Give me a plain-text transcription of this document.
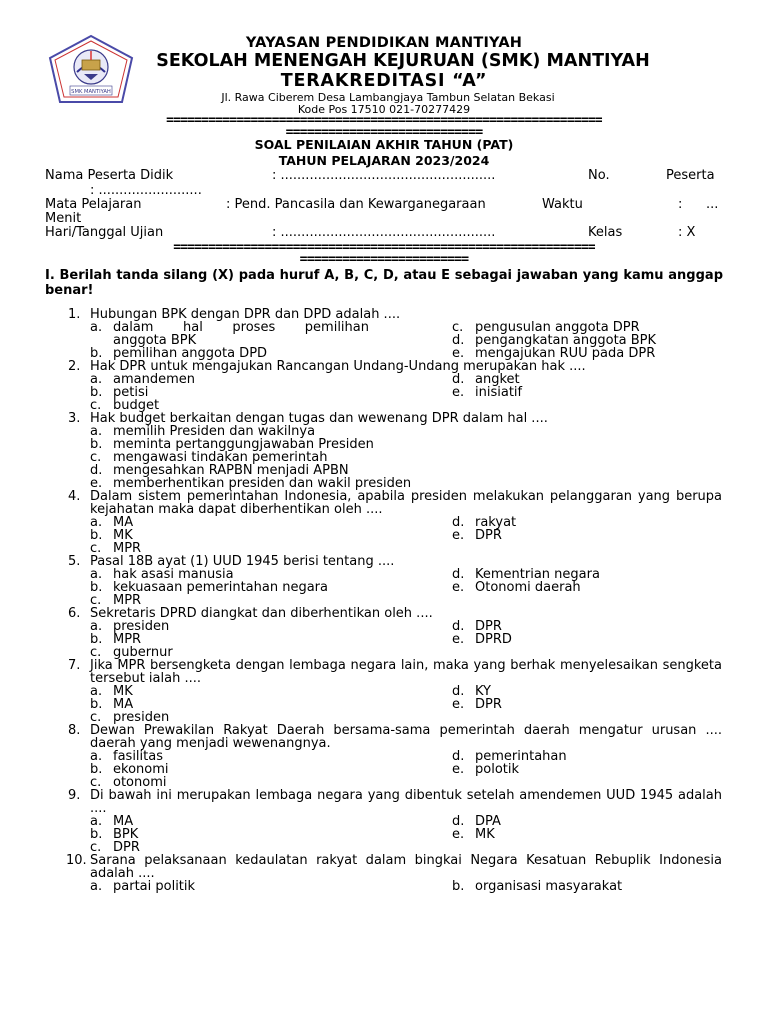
SMK MANTIYAH
YAYASAN PENDIDIKAN MANTIYAH
SEKOLAH MENENGAH KEJURUAN (SMK) MANTIYAH
TERAKREDITASI “A”
Jl. Rawa Ciberem Desa Lambangjaya Tambun Selatan Bekasi
Kode Pos 17510 021-70277429
==============================================================
============================
SOAL PENILAIAN AKHIR TAHUN (PAT)
TAHUN PELAJARAN 2023/2024
Nama Peserta Didik	: ....................................................	No.	Peserta
: .........................
Mata Pelajaran	: Pend. Pancasila dan Kewarganegaraan	Waktu	: ...
Menit
Hari/Tanggal Ujian	: ....................................................	Kelas	: X
============================================================
========================
I. Berilah tanda silang (X) pada huruf A, B, C, D, atau E sebagai jawaban yang kamu anggap benar!
1. Hubungan BPK dengan DPR dan DPD adalah ....
a. dalam hal proses pemilihan
anggota BPK
b. pemilihan anggota DPD
c. pengusulan anggota DPR
d. pengangkatan anggota BPK
e. mengajukan RUU pada DPR
2. Hak DPR untuk mengajukan Rancangan Undang-Undang merupakan hak ....
a. amandemen
b. petisi
c. budget
d. angket
e. inisiatif
3. Hak budget berkaitan dengan tugas dan wewenang DPR dalam hal ....
a. memilih Presiden dan wakilnya
b. meminta pertanggungjawaban Presiden
c. mengawasi tindakan pemerintah
d. mengesahkan RAPBN menjadi APBN
e. memberhentikan presiden dan wakil presiden
4. Dalam sistem pemerintahan Indonesia, apabila presiden melakukan pelanggaran yang berupa kejahatan maka dapat diberhentikan oleh ....
a. MA
b. MK
c. MPR
d. rakyat
e. DPR
5. Pasal 18B ayat (1) UUD 1945 berisi tentang ....
a. hak asasi manusia
b. kekuasaan pemerintahan negara
c. MPR
d. Kementrian negara
e. Otonomi daerah
6. Sekretaris DPRD diangkat dan diberhentikan oleh ....
a. presiden
b. MPR
c. gubernur
d. DPR
e. DPRD
7. Jika MPR bersengketa dengan lembaga negara lain, maka yang berhak menyelesaikan sengketa tersebut ialah ....
a. MK
b. MA
c. presiden
d. KY
e. DPR
8. Dewan Prewakilan Rakyat Daerah bersama-sama pemerintah daerah mengatur urusan .... daerah yang menjadi wewenangnya.
a. fasilitas
b. ekonomi
c. otonomi
d. pemerintahan
e. polotik
9. Di bawah ini merupakan lembaga negara yang dibentuk setelah amendemen UUD 1945 adalah ....
a. MA
b. BPK
c. DPR
d. DPA
e. MK
10. Sarana pelaksanaan kedaulatan rakyat dalam bingkai Negara Kesatuan Rebuplik Indonesia adalah ....
a. partai politik	b. organisasi masyarakat
